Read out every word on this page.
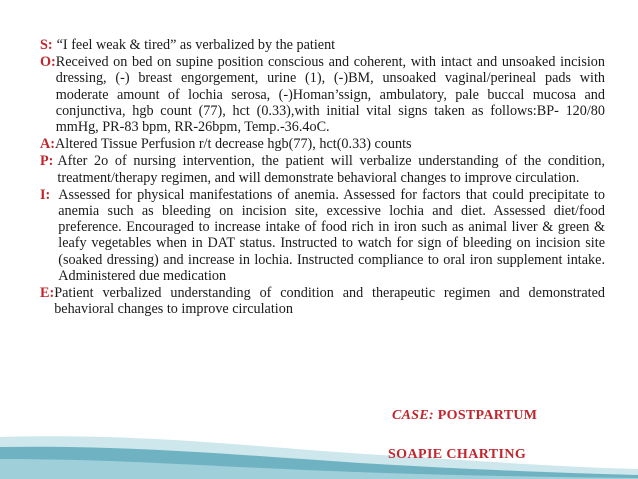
S: “I feel weak & tired” as verbalized by the patient
O: Received on bed on supine position conscious and coherent, with intact and unsoaked incision dressing, (-) breast engorgement, urine (1), (-)BM, unsoaked vaginal/perineal pads with moderate amount of lochia serosa, (-)Homan’ssign, ambulatory, pale buccal mucosa and conjunctiva, hgb count (77), hct (0.33),with initial vital signs taken as follows:BP- 120/80 mmHg, PR-83 bpm, RR-26bpm, Temp.-36.4oC.
A: Altered Tissue Perfusion r/t decrease hgb(77), hct(0.33) counts
P: After 2o of nursing intervention, the patient will verbalize understanding of the condition, treatment/therapy regimen, and will demonstrate behavioral changes to improve circulation.
I: Assessed for physical manifestations of anemia. Assessed for factors that could precipitate to anemia such as bleeding on incision site, excessive lochia and diet. Assessed diet/food preference. Encouraged to increase intake of food rich in iron such as animal liver & green & leafy vegetables when in DAT status. Instructed to watch for sign of bleeding on incision site (soaked dressing) and increase in lochia. Instructed compliance to oral iron supplement intake. Administered due medication
E: Patient verbalized understanding of condition and therapeutic regimen and demonstrated behavioral changes to improve circulation
CASE: POSTPARTUM
SOAPIE CHARTING
